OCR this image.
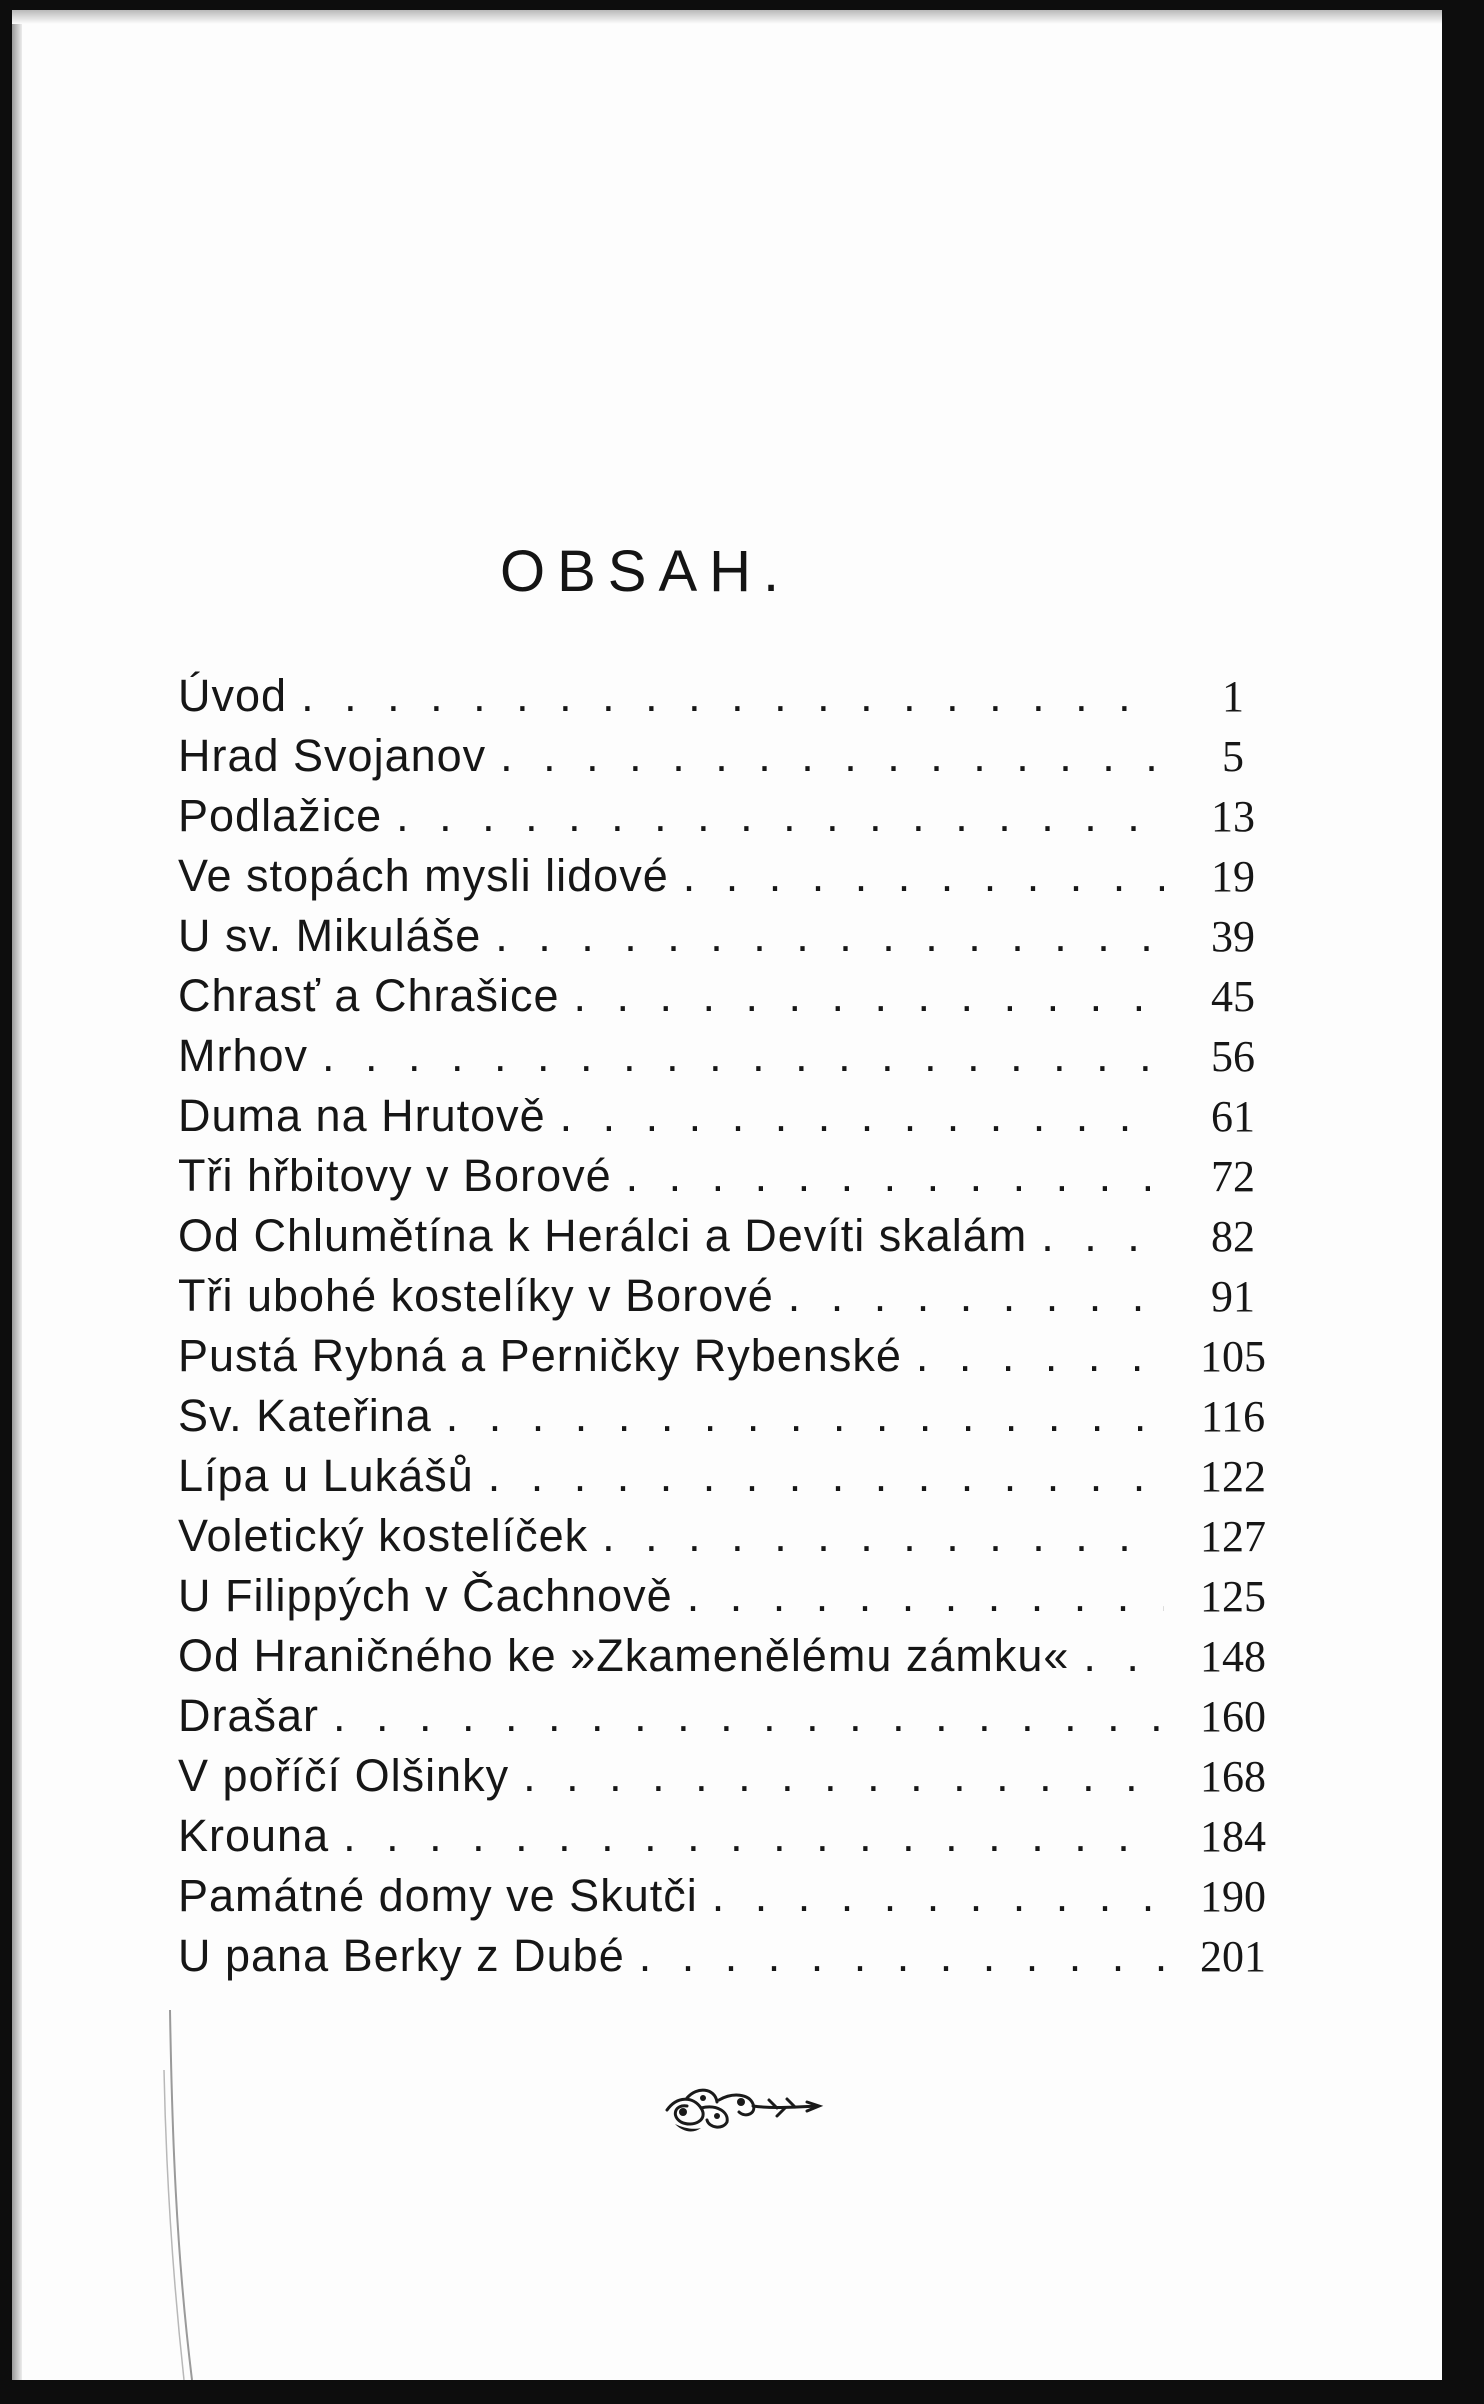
OBSAH.
Úvod . . .	1
Hrad Svojanov . . .	5
Podlažice . . .	13
Ve stopách mysli lidové . . .	19
U sv. Mikuláše . . .	39
Chrasť a Chrašice . . .	45
Mrhov . . .	56
Duma na Hrutově . . .	61
Tři hřbitovy v Borové . . .	72
Od Chlumětína k Herálci a Devíti skalám . . .	82
Tři ubohé kostelíky v Borové . . .	91
Pustá Rybná a Perničky Rybenské . . .	105
Sv. Kateřina . . .	116
Lípa u Lukášů . . .	122
Voletický kostelíček . . .	127
U Filippých v Čachnově . . .	125
Od Hraničného ke »Zkamenělému zámku« . . .	148
Drašar . . .	160
V poříčí Olšinky . . .	168
Krouna . . .	184
Památné domy ve Skutči . . .	190
U pana Berky z Dubé . . .	201
